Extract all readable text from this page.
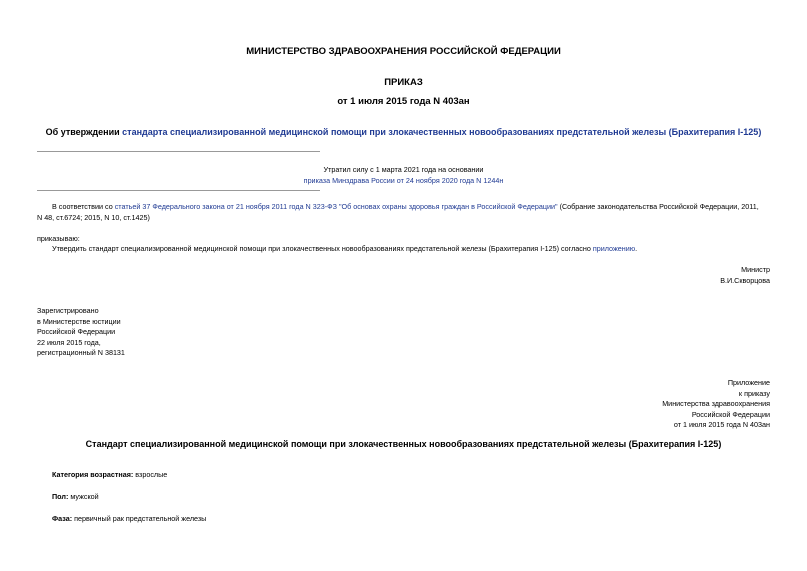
МИНИСТЕРСТВО ЗДРАВООХРАНЕНИЯ РОССИЙСКОЙ ФЕДЕРАЦИИ
ПРИКАЗ
от 1 июля 2015 года N 403ан
Об утверждении стандарта специализированной медицинской помощи при злокачественных новообразованиях предстательной железы (Брахитерапия I-125)
Утратил силу с 1 марта 2021 года на основании
приказа Минздрава России от 24 ноября 2020 года N 1244н
В соответствии со статьей 37 Федерального закона от 21 ноября 2011 года N 323-ФЗ "Об основах охраны здоровья граждан в Российской Федерации" (Собрание законодательства Российской Федерации, 2011,
N 48, ст.6724; 2015, N 10, ст.1425)
приказываю:
Утвердить стандарт специализированной медицинской помощи при злокачественных новообразованиях предстательной железы (Брахитерапия I-125) согласно приложению.
Министр
В.И.Скворцова
Зарегистрировано
в Министерстве юстиции
Российской Федерации
22 июля 2015 года,
регистрационный N 38131
Приложение
к приказу
Министерства здравоохранения
Российской Федерации
от 1 июля 2015 года N 403ан
Стандарт специализированной медицинской помощи при злокачественных новообразованиях предстательной железы (Брахитерапия I-125)
Категория возрастная: взрослые
Пол: мужской
Фаза: первичный рак предстательной железы
